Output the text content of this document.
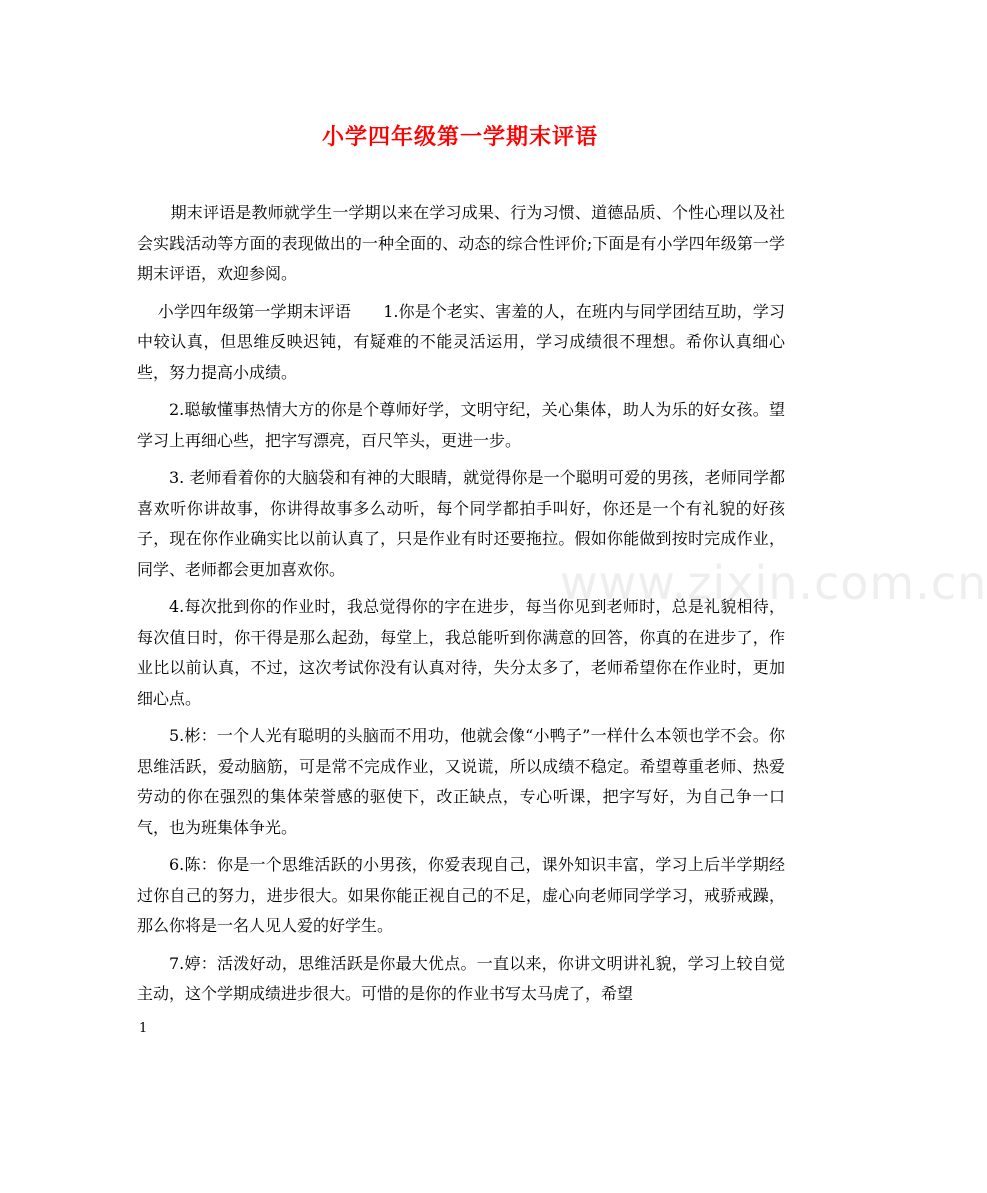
小学四年级第一学期末评语

期末评语是教师就学生一学期以来在学习成果、行为习惯、道德品质、个性心理以及社会实践活动等方面的表现做出的一种全面的、动态的综合性评价;下面是有小学四年级第一学期末评语，欢迎参阅。

小学四年级第一学期末评语　　1.你是个老实、害羞的人，在班内与同学团结互助，学习中较认真，但思维反映迟钝，有疑难的不能灵活运用，学习成绩很不理想。希你认真细心些，努力提高小成绩。

2.聪敏懂事热情大方的你是个尊师好学，文明守纪，关心集体，助人为乐的好女孩。望学习上再细心些，把字写漂亮，百尺竿头，更进一步。

3. 老师看着你的大脑袋和有神的大眼睛，就觉得你是一个聪明可爱的男孩，老师同学都喜欢听你讲故事，你讲得故事多么动听，每个同学都拍手叫好，你还是一个有礼貌的好孩子，现在你作业确实比以前认真了，只是作业有时还要拖拉。假如你能做到按时完成作业，同学、老师都会更加喜欢你。

4.每次批到你的作业时，我总觉得你的字在进步，每当你见到老师时，总是礼貌相待，每次值日时，你干得是那么起劲，每堂上，我总能听到你满意的回答，你真的在进步了，作业比以前认真，不过，这次考试你没有认真对待，失分太多了，老师希望你在作业时，更加细心点。

5.彬：一个人光有聪明的头脑而不用功，他就会像“小鸭子”一样什么本领也学不会。你思维活跃，爱动脑筋，可是常不完成作业，又说谎，所以成绩不稳定。希望尊重老师、热爱劳动的你在强烈的集体荣誉感的驱使下，改正缺点，专心听课，把字写好，为自己争一口气，也为班集体争光。

6.陈：你是一个思维活跃的小男孩，你爱表现自己，课外知识丰富，学习上后半学期经过你自己的努力，进步很大。如果你能正视自己的不足，虚心向老师同学学习，戒骄戒躁，那么你将是一名人见人爱的好学生。

7.婷：活泼好动，思维活跃是你最大优点。一直以来，你讲文明讲礼貌，学习上较自觉主动，这个学期成绩进步很大。可惜的是你的作业书写太马虎了，希望

www.zixin.com.cn
1
